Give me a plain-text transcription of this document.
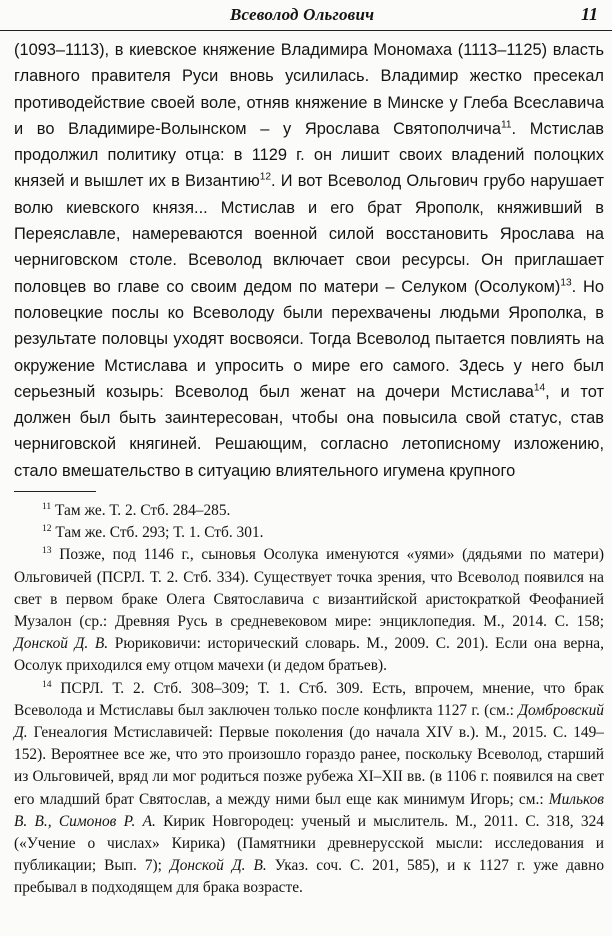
Всеволод Ольгович	11

(1093–1113), в киевское княжение Владимира Мономаха (1113–1125) власть главного правителя Руси вновь усилилась. Владимир жестко пресекал противодействие своей воле, отняв княжение в Минске у Глеба Всеславича и во Владимире-Волынском – у Ярослава Святополчича$^{11}$. Мстислав продолжил политику отца: в 1129 г. он лишит своих владений полоцких князей и вышлет их в Византию$^{12}$. И вот Всеволод Ольгович грубо нарушает волю киевского князя... Мстислав и его брат Ярополк, княживший в Переяславле, намереваются военной силой восстановить Ярослава на черниговском столе. Всеволод включает свои ресурсы. Он приглашает половцев во главе со своим дедом по матери – Селуком (Осолуком)$^{13}$. Но половецкие послы ко Всеволоду были перехвачены людьми Ярополка, в результате половцы уходят восвояси. Тогда Всеволод пытается повлиять на окружение Мстислава и упросить о мире его самого. Здесь у него был серьезный козырь: Всеволод был женат на дочери Мстислава$^{14}$, и тот должен был быть заинтересован, чтобы она повысила свой статус, став черниговской княгиней. Решающим, согласно летописному изложению, стало вмешательство в ситуацию влиятельного игумена крупного

$^{11}$ Там же. Т. 2. Стб. 284–285.

$^{12}$ Там же. Стб. 293; Т. 1. Стб. 301.

$^{13}$ Позже, под 1146 г., сыновья Осолука именуются «уями» (дядьями по матери) Ольговичей (ПСРЛ. Т. 2. Стб. 334). Существует точка зрения, что Всеволод появился на свет в первом браке Олега Святославича с византийской аристократкой Феофанией Музалон (ср.: Древняя Русь в средневековом мире: энциклопедия. М., 2014. С. 158; Донской Д. В. Рюриковичи: исторический словарь. М., 2009. С. 201). Если она верна, Осолук приходился ему отцом мачехи (и дедом братьев).

$^{14}$ ПСРЛ. Т. 2. Стб. 308–309; Т. 1. Стб. 309. Есть, впрочем, мнение, что брак Всеволода и Мстиславы был заключен только после конфликта 1127 г. (см.: Домбровский Д. Генеалогия Мстиславичей: Первые поколения (до начала XIV в.). М., 2015. С. 149–152). Вероятнее все же, что это произошло гораздо ранее, поскольку Всеволод, старший из Ольговичей, вряд ли мог родиться позже рубежа XI–XII вв. (в 1106 г. появился на свет его младший брат Святослав, а между ними был еще как минимум Игорь; см.: Мильков В. В., Симонов Р. А. Кирик Новгородец: ученый и мыслитель. М., 2011. С. 318, 324 («Учение о числах» Кирика) (Памятники древнерусской мысли: исследования и публикации; Вып. 7); Донской Д. В. Указ. соч. С. 201, 585), и к 1127 г. уже давно пребывал в подходящем для брака возрасте.
